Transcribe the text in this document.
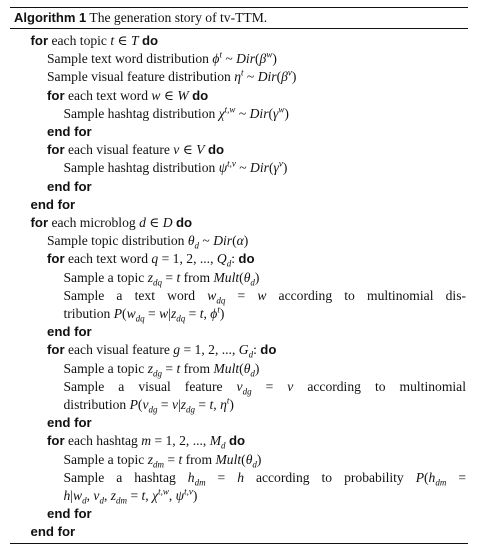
Algorithm 1 The generation story of tv-TTM.
for each topic t ∈ T do
Sample text word distribution $\phi^t$ ~ $Dir(\beta^w)$
Sample visual feature distribution $\eta^t$ ~ $Dir(\beta^v)$
for each text word w ∈ W do
Sample hashtag distribution $\chi^{t,w}$ ~ $Dir(\gamma^w)$
end for
for each visual feature v ∈ V do
Sample hashtag distribution $\psi^{t,v}$ ~ $Dir(\gamma^v)$
end for
end for
for each microblog d ∈ D do
Sample topic distribution $\theta_d$ ~ Dir(α)
for each text word q = 1, 2, ..., $Q_d$: do
Sample a topic $z_{dq} = t$ from $Mult(\theta_d)$
Sample a text word $w_{dq} = w$ according to multinomial dis-
tribution $P(w_{dq} = w|z_{dq} = t$, $\phi^t$)
end for
for each visual feature g = 1, 2, ..., $G_d$: do
Sample a topic $z_{dg} = t$ from $Mult(\theta_d)$
Sample a visual feature $v_{dg} = v$ according to multinomial
distribution $P(v_{dg} = v|z_{dg} = t$, $\eta^t$)
end for
for each hashtag m = 1, 2, ..., $M_d$ do
Sample a topic $z_{dm} = t$ from $Mult(\theta_d)$
Sample a hashtag $h_{dm} = h$ according to probability $P(h_{dm}$ =
$h|w_d$, $v_d$, $z_{dm} = t$, $\chi^{t,w}$, $\psi^{t,v}$)
end for
end for
